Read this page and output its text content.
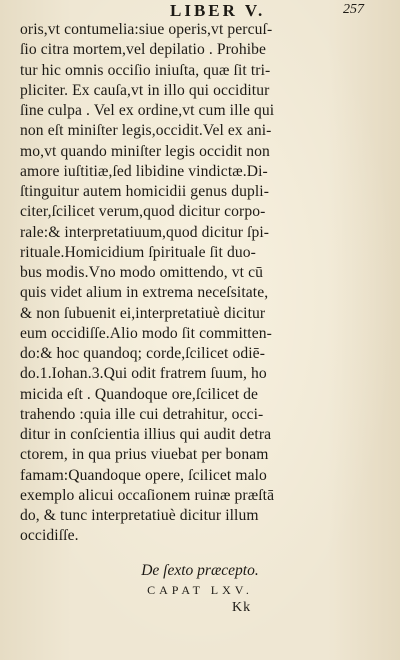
LIBER V.	257
oris,vt contumelia:siue operis,vt percuſ-
ſio citra mortem,vel depilatio . Prohibe
tur hic omnis occiſio iniuſta, quæ ſit tri-
pliciter. Ex cauſa,vt in illo qui occiditur
ſine culpa . Vel ex ordine,vt cum ille qui
non eſt miniſter legis,occidit.Vel ex ani-
mo,vt quando miniſter legis occidit non
amore iuſtitiæ,ſed libidine vindictæ.Di-
ſtinguitur autem homicidii genus dupli-
citer,ſcilicet verum,quod dicitur corpo-
rale:& interpretatiuum,quod dicitur ſpi-
rituale.Homicidium ſpirituale ſit duo-
bus modis.Vno modo omittendo, vt cū
quis videt alium in extrema neceſsitate,
& non ſubuenit ei,interpretatiuè dicitur
eum occidiſſe.Alio modo ſit committen-
do:& hoc quandoq; corde,ſcilicet odiē-
do.1.Iohan.3.Qui odit fratrem ſuum, ho
micida eſt . Quandoque ore,ſcilicet de
trahendo :quia ille cui detrahitur, occi-
ditur in conſcientia illius qui audit detra
ctorem, in qua prius viuebat per bonam
famam:Quandoque opere, ſcilicet malo
exemplo alicui occaſionem ruinæ præſtā
do, & tunc interpretatiuè dicitur illum
occidiſſe.
De ſexto præcepto.
CAPAT LXV.
Kk
